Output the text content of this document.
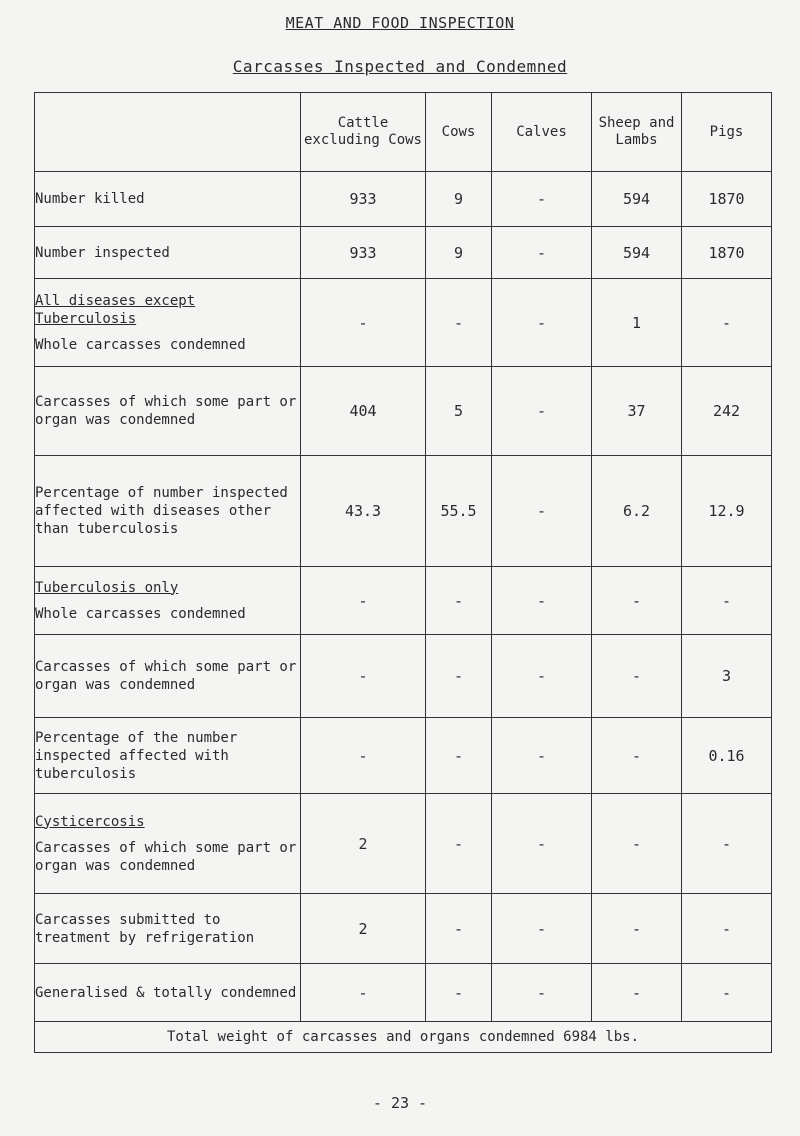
MEAT AND FOOD INSPECTION
Carcasses Inspected and Condemned
	Cattle excluding Cows	Cows	Calves	Sheep and Lambs	Pigs
Number killed	933	9	-	594	1870
Number inspected	933	9	-	594	1870

All diseases except Tuberculosis
Whole carcasses condemned	-	-	-	1	-
Carcasses of which some part or organ was condemned	404	5	-	37	242
Percentage of number inspected affected with diseases other than tuberculosis	43.3	55.5	-	6.2	12.9

Tuberculosis only
Whole carcasses condemned	-	-	-	-	-
Carcasses of which some part or organ was condemned	-	-	-	-	3
Percentage of the number inspected affected with tuberculosis	-	-	-	-	0.16

Cysticercosis
Carcasses of which some part or organ was condemned	2	-	-	-	-
Carcasses submitted to treatment by refrigeration	2	-	-	-	-
Generalised & totally condemned	-	-	-	-	-
Total weight of carcasses and organs condemned 6984 lbs.					
- 23 -
